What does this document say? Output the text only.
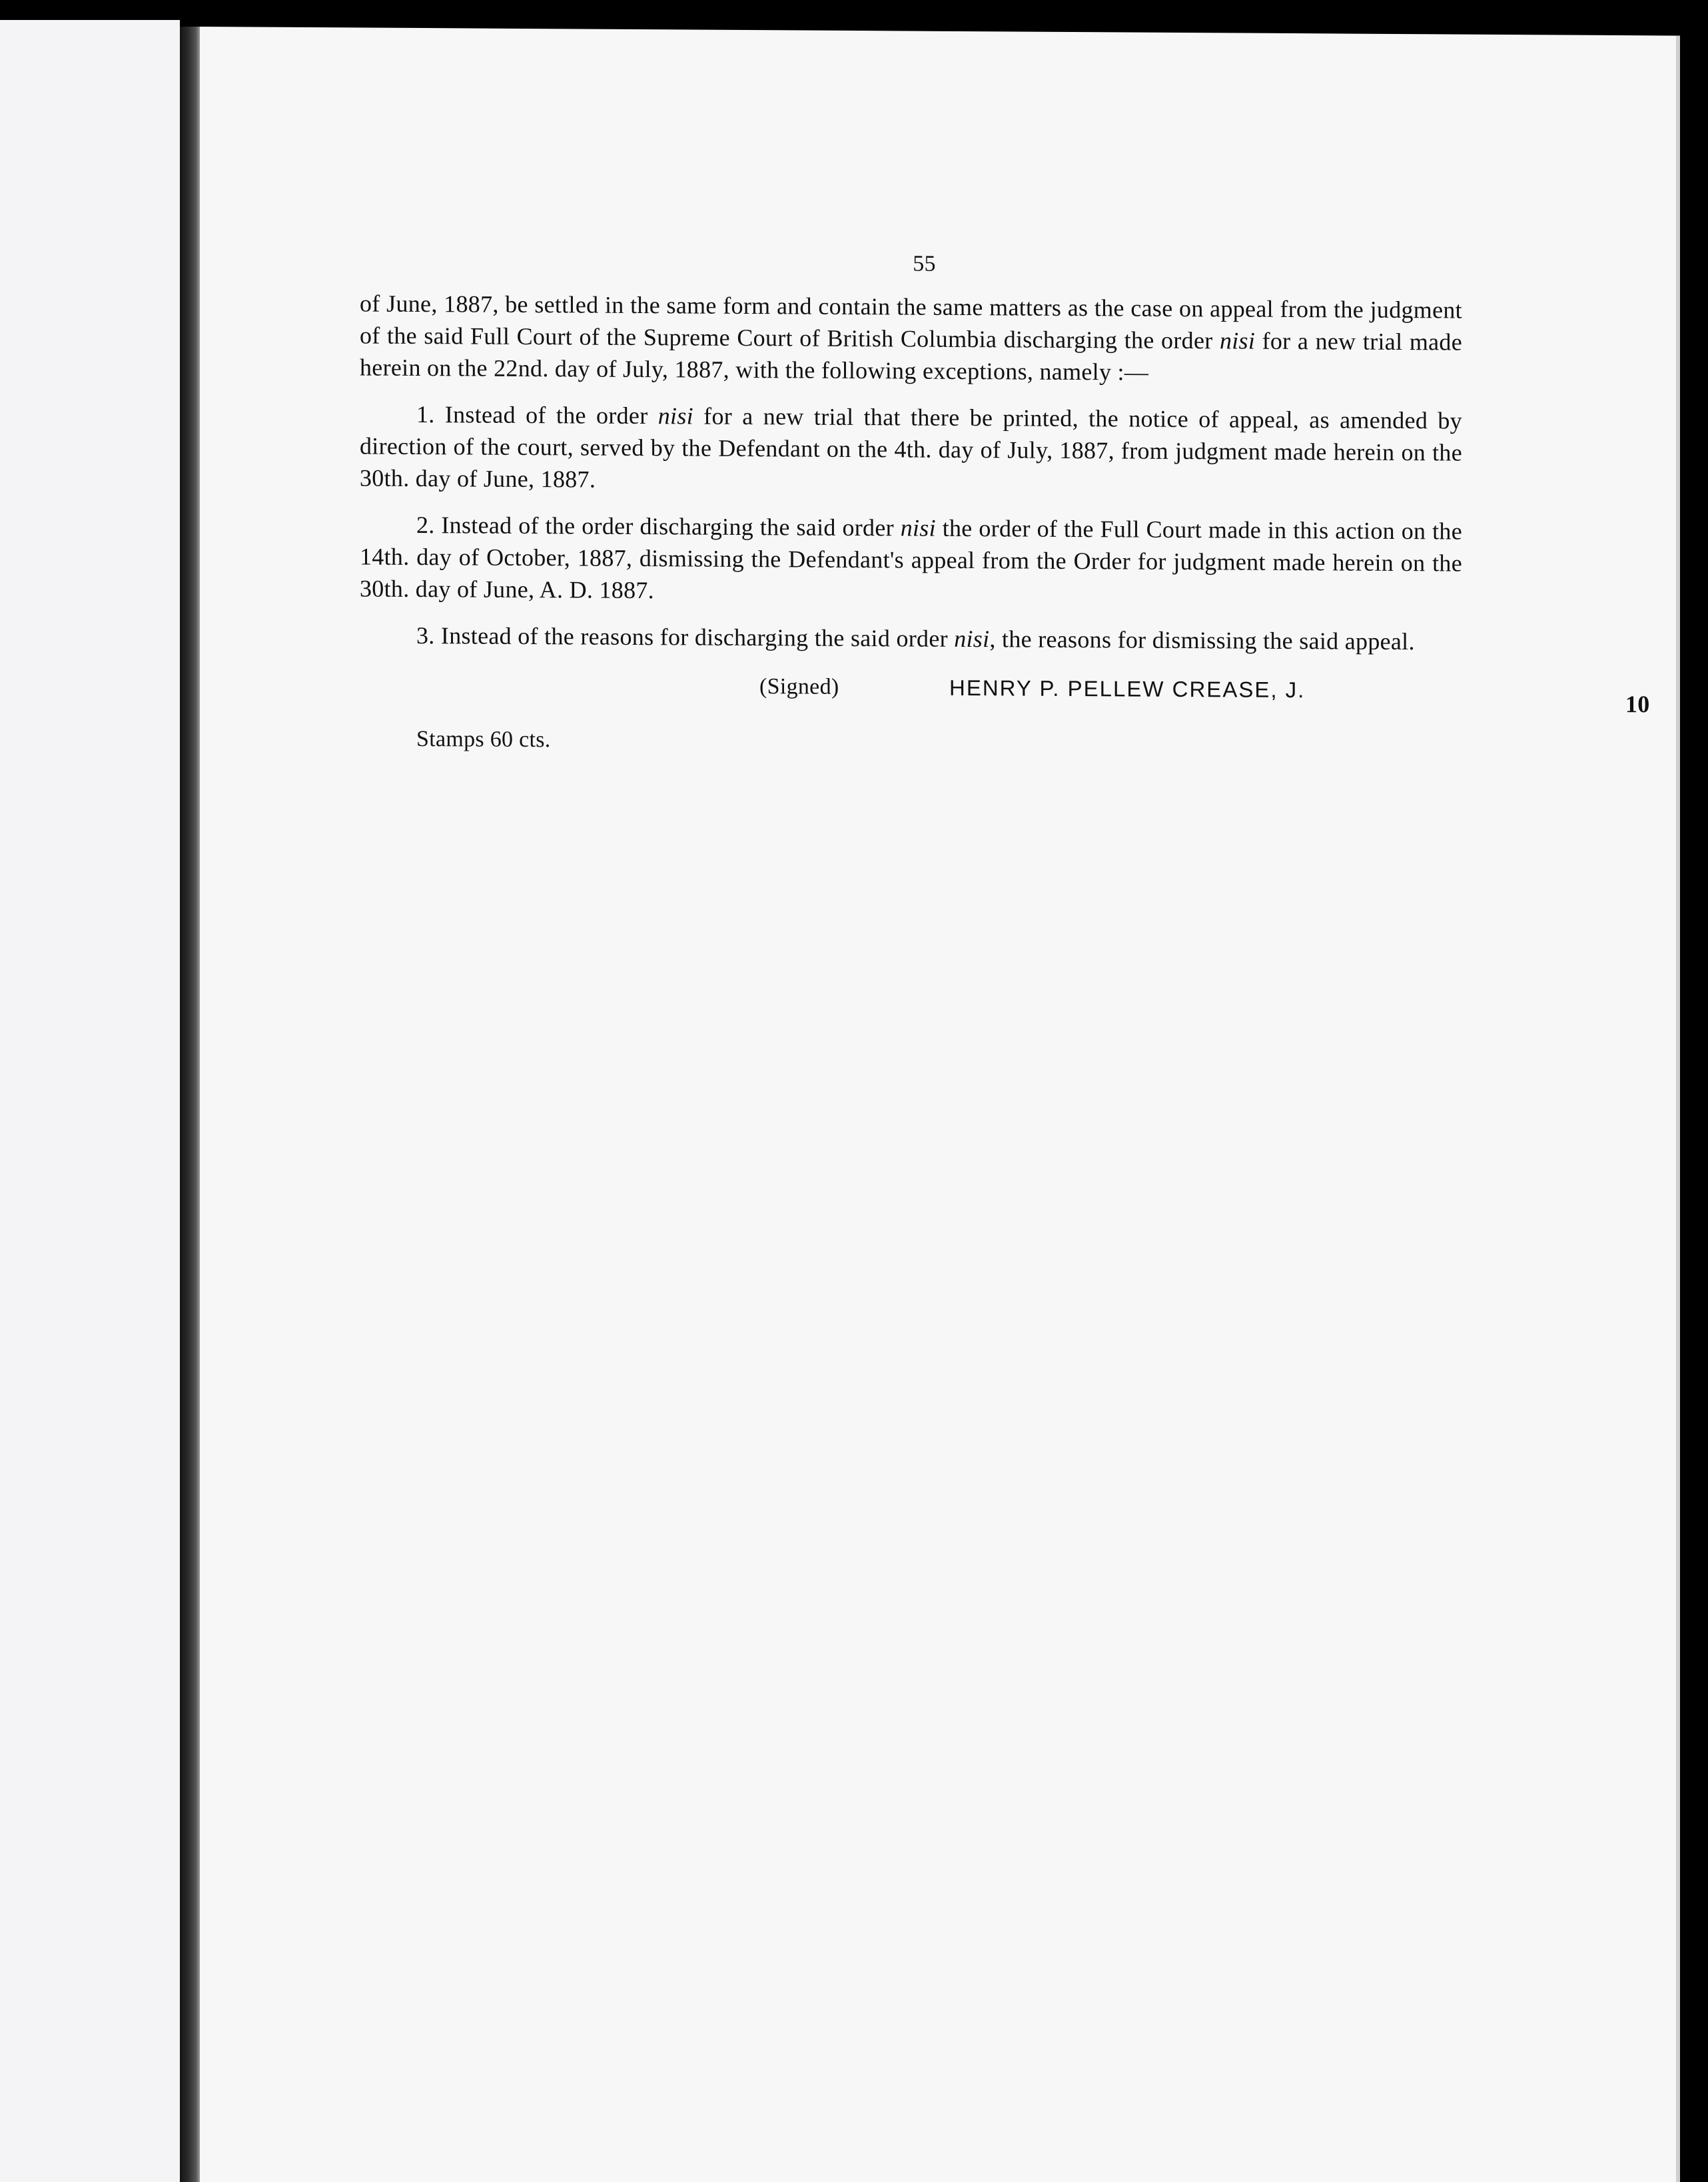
55

of June, 1887, be settled in the same form and contain the same matters as the case on appeal from the judgment of the said Full Court of the Supreme Court of British Columbia discharging the order nisi for a new trial made herein on the 22nd. day of July, 1887, with the following exceptions, namely :—

1. Instead of the order nisi for a new trial that there be printed, the notice of appeal, as amended by direction of the court, served by the Defendant on the 4th. day of July, 1887, from judgment made herein on the 30th. day of June, 1887.

2. Instead of the order discharging the said order nisi the order of the Full Court made in this action on the 14th. day of October, 1887, dismissing the Defendant's appeal from the Order for judgment made herein on the 30th. day of June, A. D. 1887.

3. Instead of the reasons for discharging the said order nisi, the reasons for dismissing the said appeal.

(Signed)	HENRY P. PELLEW CREASE, J.
Stamps 60 cts.
10
